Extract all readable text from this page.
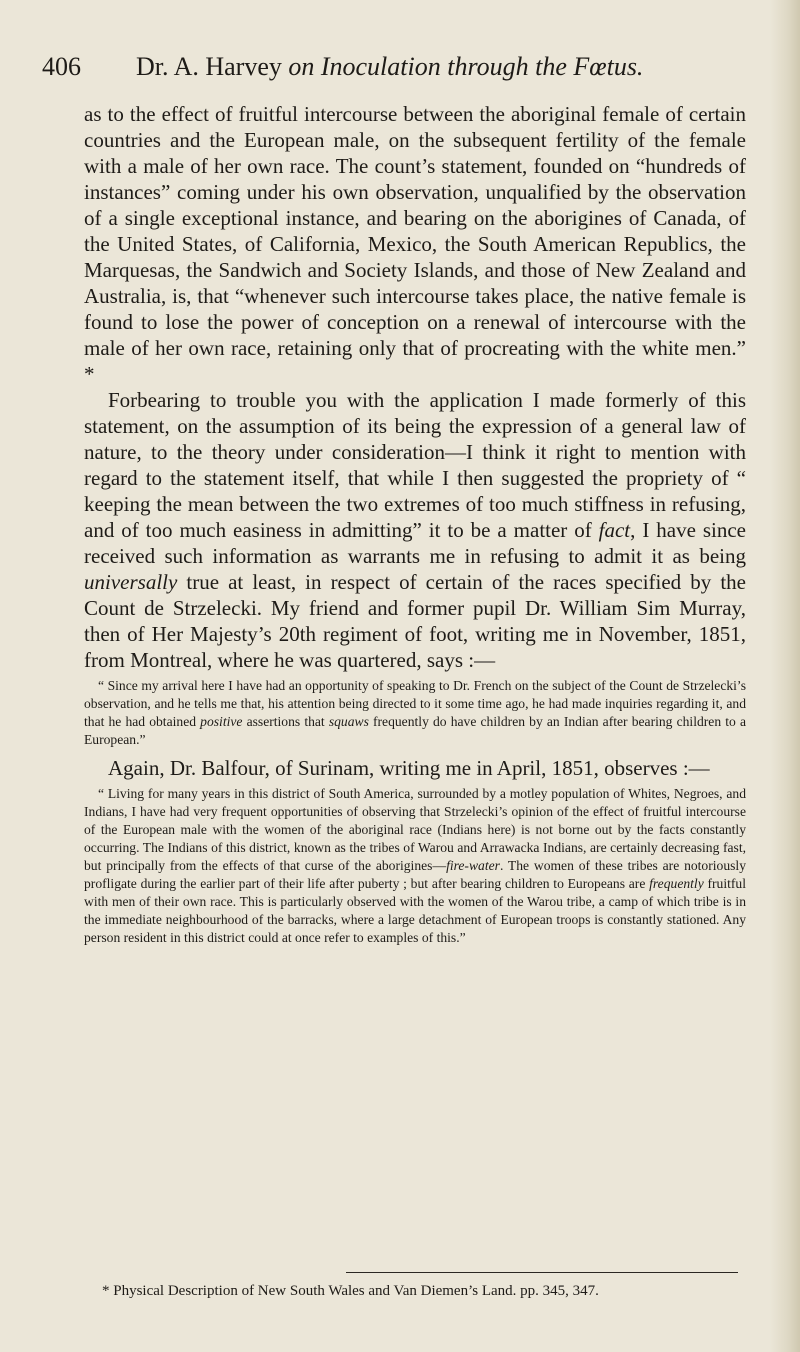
406 Dr. A. Harvey on Inoculation through the Fœtus.

as to the effect of fruitful intercourse between the aboriginal female of certain countries and the European male, on the subsequent fertility of the female with a male of her own race. The count’s statement, founded on “hundreds of instances” coming under his own observation, unqualified by the observation of a single exceptional instance, and bearing on the aborigines of Canada, of the United States, of California, Mexico, the South American Republics, the Marquesas, the Sandwich and Society Islands, and those of New Zealand and Australia, is, that “whenever such intercourse takes place, the native female is found to lose the power of conception on a renewal of intercourse with the male of her own race, retaining only that of procreating with the white men.” *

Forbearing to trouble you with the application I made formerly of this statement, on the assumption of its being the expression of a general law of nature, to the theory under consideration—I think it right to mention with regard to the statement itself, that while I then suggested the propriety of “ keeping the mean between the two extremes of too much stiffness in refusing, and of too much easiness in admitting” it to be a matter of fact, I have since received such information as warrants me in refusing to admit it as being universally true at least, in respect of certain of the races specified by the Count de Strzelecki. My friend and former pupil Dr. William Sim Murray, then of Her Majesty’s 20th regiment of foot, writing me in November, 1851, from Montreal, where he was quartered, says :—

“ Since my arrival here I have had an opportunity of speaking to Dr. French on the subject of the Count de Strzelecki’s observation, and he tells me that, his attention being directed to it some time ago, he had made inquiries regarding it, and that he had obtained positive assertions that squaws frequently do have children by an Indian after bearing children to a European.”

Again, Dr. Balfour, of Surinam, writing me in April, 1851, observes :—

“ Living for many years in this district of South America, surrounded by a motley population of Whites, Negroes, and Indians, I have had very frequent opportunities of observing that Strzelecki’s opinion of the effect of fruitful intercourse of the European male with the women of the aboriginal race (Indians here) is not borne out by the facts constantly occurring. The Indians of this district, known as the tribes of Warou and Arrawacka Indians, are certainly decreasing fast, but principally from the effects of that curse of the aborigines—fire-water. The women of these tribes are notoriously profligate during the earlier part of their life after puberty ; but after bearing children to Europeans are frequently fruitful with men of their own race. This is particularly observed with the women of the Warou tribe, a camp of which tribe is in the immediate neighbourhood of the barracks, where a large detachment of European troops is constantly stationed. Any person resident in this district could at once refer to examples of this.”

* Physical Description of New South Wales and Van Diemen’s Land. pp. 345, 347.
